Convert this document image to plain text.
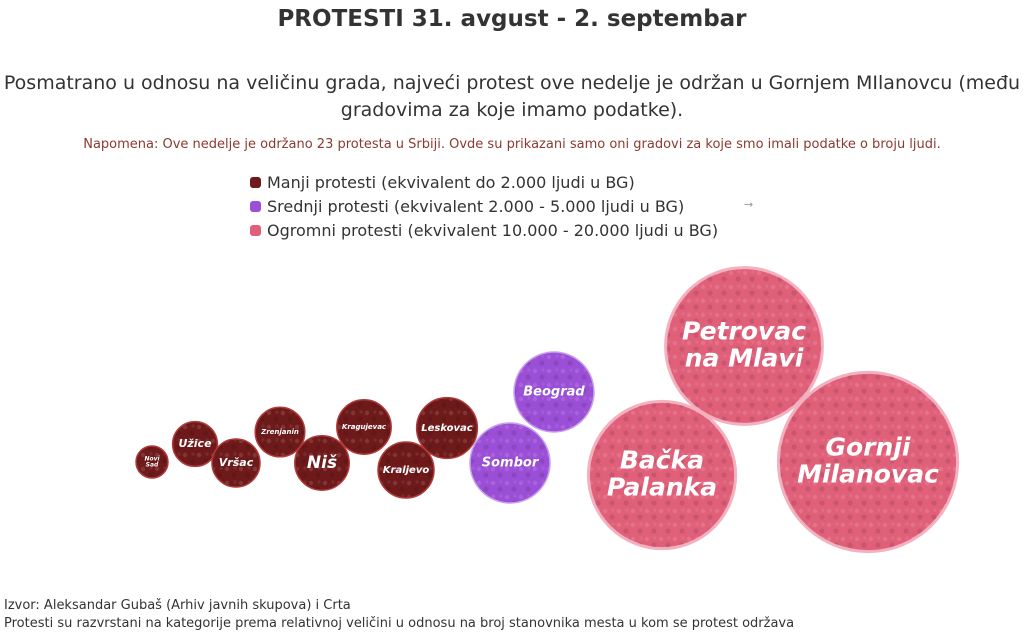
PROTESTI 31. avgust - 2. septembar
Posmatrano u odnosu na veličinu grada, najveći protest ove nedelje je održan u Gornjem MIlanovcu (među
gradovima za koje imamo podatke).
Napomena: Ove nedelje je održano 23 protesta u Srbiji. Ovde su prikazani samo oni gradovi za koje smo imali podatke o broju ljudi.
Manji protesti (ekvivalent do 2.000 ljudi u BG)
Srednji protesti (ekvivalent 2.000 - 5.000 ljudi u BG)
Ogromni protesti (ekvivalent 10.000 - 20.000 ljudi u BG)
→
Novi
Sad
Užice
Vršac
Zrenjanin
Niš
Kragujevac
Kraljevo
Leskovac
Sombor
Beograd
Bačka
Palanka
Petrovac
na Mlavi
Gornji
Milanovac
Izvor: Aleksandar Gubaš (Arhiv javnih skupova) i Crta
Protesti su razvrstani na kategorije prema relativnoj veličini u odnosu na broj stanovnika mesta u kom se protest održava
